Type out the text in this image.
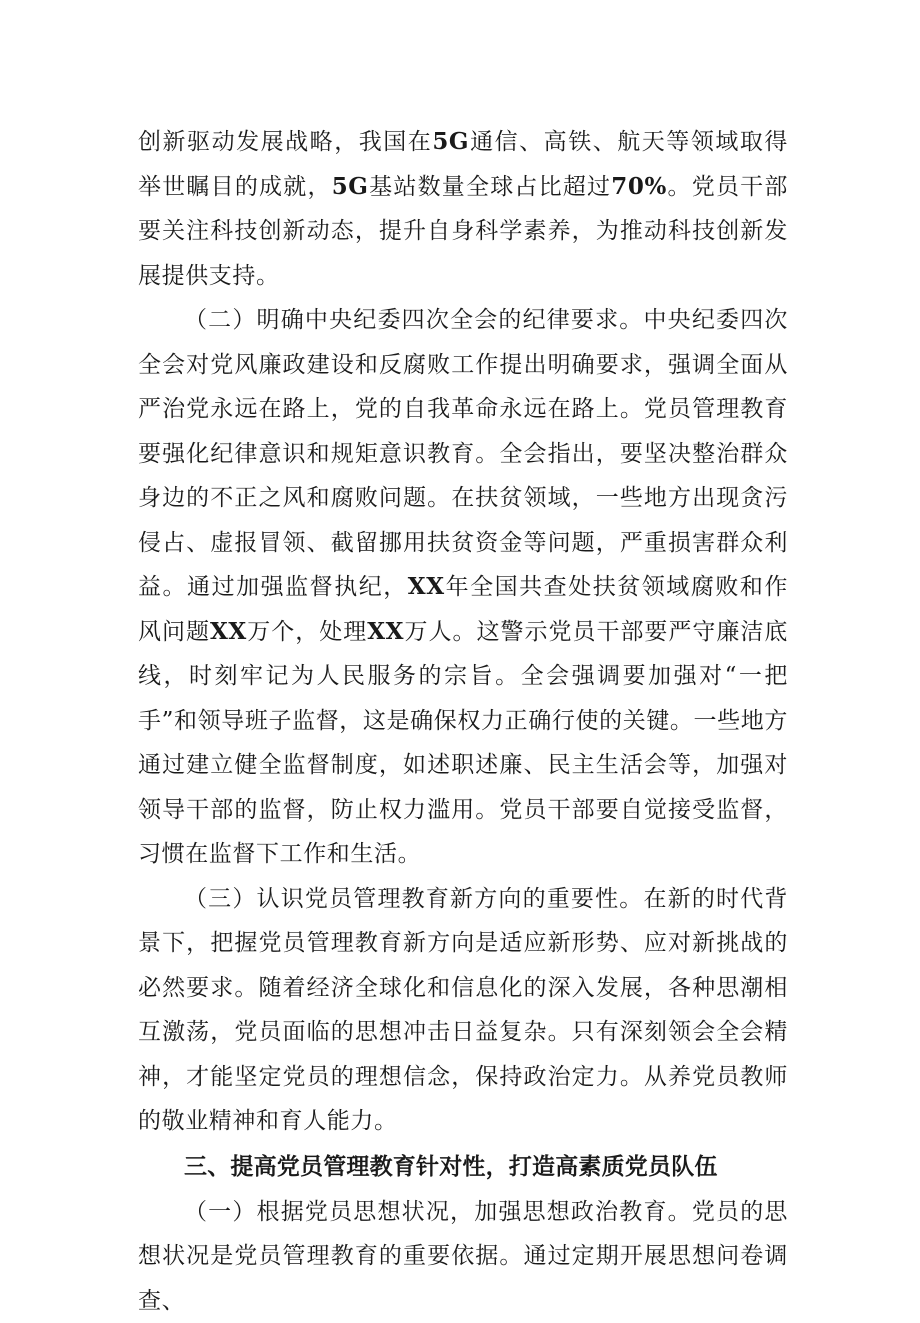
创新驱动发展战略，我国在5G通信、高铁、航天等领域取得举世瞩目的成就，5G基站数量全球占比超过70%。党员干部要关注科技创新动态，提升自身科学素养，为推动科技创新发展提供支持。

（二）明确中央纪委四次全会的纪律要求。中央纪委四次全会对党风廉政建设和反腐败工作提出明确要求，强调全面从严治党永远在路上，党的自我革命永远在路上。党员管理教育要强化纪律意识和规矩意识教育。全会指出，要坚决整治群众身边的不正之风和腐败问题。在扶贫领域，一些地方出现贪污侵占、虚报冒领、截留挪用扶贫资金等问题，严重损害群众利益。通过加强监督执纪，XX年全国共查处扶贫领域腐败和作风问题XX万个，处理XX万人。这警示党员干部要严守廉洁底线，时刻牢记为人民服务的宗旨。全会强调要加强对“一把手”和领导班子监督，这是确保权力正确行使的关键。一些地方通过建立健全监督制度，如述职述廉、民主生活会等，加强对领导干部的监督，防止权力滥用。党员干部要自觉接受监督，习惯在监督下工作和生活。

（三）认识党员管理教育新方向的重要性。在新的时代背景下，把握党员管理教育新方向是适应新形势、应对新挑战的必然要求。随着经济全球化和信息化的深入发展，各种思潮相互激荡，党员面临的思想冲击日益复杂。只有深刻领会全会精神，才能坚定党员的理想信念，保持政治定力。从养党员教师的敬业精神和育人能力。

三、提高党员管理教育针对性，打造高素质党员队伍

（一）根据党员思想状况，加强思想政治教育。党员的思想状况是党员管理教育的重要依据。通过定期开展思想问卷调查、
